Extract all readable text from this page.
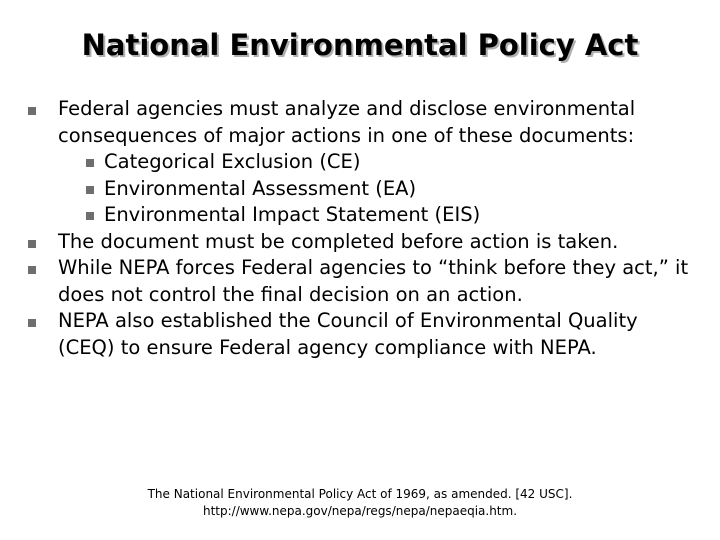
National Environmental Policy Act
Federal agencies must analyze and disclose environmental consequences of major actions in one of these documents:
Categorical Exclusion (CE)
Environmental Assessment (EA)
Environmental Impact Statement (EIS)
The document must be completed before action is taken.
While NEPA forces Federal agencies to “think before they act,” it does not control the final decision on an action.
NEPA also established the Council of Environmental Quality (CEQ) to ensure Federal agency compliance with NEPA.
The National Environmental Policy Act of 1969, as amended. [42 USC].
http://www.nepa.gov/nepa/regs/nepa/nepaeqia.htm.
